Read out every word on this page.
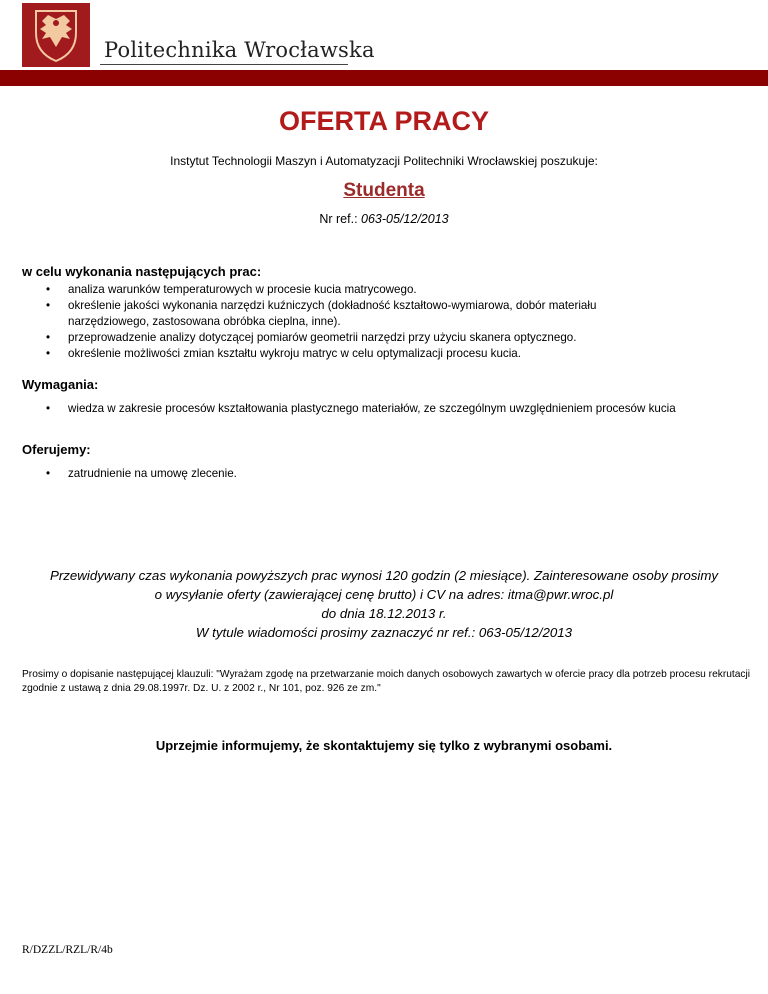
Politechnika Wrocławska
OFERTA PRACY
Instytut Technologii Maszyn i Automatyzacji Politechniki Wrocławskiej poszukuje:
Studenta
Nr ref.: 063-05/12/2013
w celu wykonania następujących prac:
• analiza warunków temperaturowych w procesie kucia matrycowego.
• określenie jakości wykonania narzędzi kuźniczych (dokładność kształtowo-wymiarowa, dobór materiału narzędziowego, zastosowana obróbka cieplna, inne).
• przeprowadzenie analizy dotyczącej pomiarów geometrii narzędzi przy użyciu skanera optycznego.
• określenie możliwości zmian kształtu wykroju matryc w celu optymalizacji procesu kucia.
Wymagania:
• wiedza w zakresie procesów kształtowania plastycznego materiałów, ze szczególnym uwzględnieniem procesów kucia
Oferujemy:
• zatrudnienie na umowę zlecenie.
Przewidywany czas wykonania powyższych prac wynosi 120 godzin (2 miesiące). Zainteresowane osoby prosimy
o wysyłanie oferty (zawierającej cenę brutto) i CV na adres: itma@pwr.wroc.pl
do dnia 18.12.2013 r.
W tytule wiadomości prosimy zaznaczyć nr ref.: 063-05/12/2013
Prosimy o dopisanie następującej klauzuli: "Wyrażam zgodę na przetwarzanie moich danych osobowych zawartych w ofercie pracy dla potrzeb procesu rekrutacji zgodnie z ustawą z dnia 29.08.1997r. Dz. U. z 2002 r., Nr 101, poz. 926 ze zm."
Uprzejmie informujemy, że skontaktujemy się tylko z wybranymi osobami.
R/DZZL/RZL/R/4b
